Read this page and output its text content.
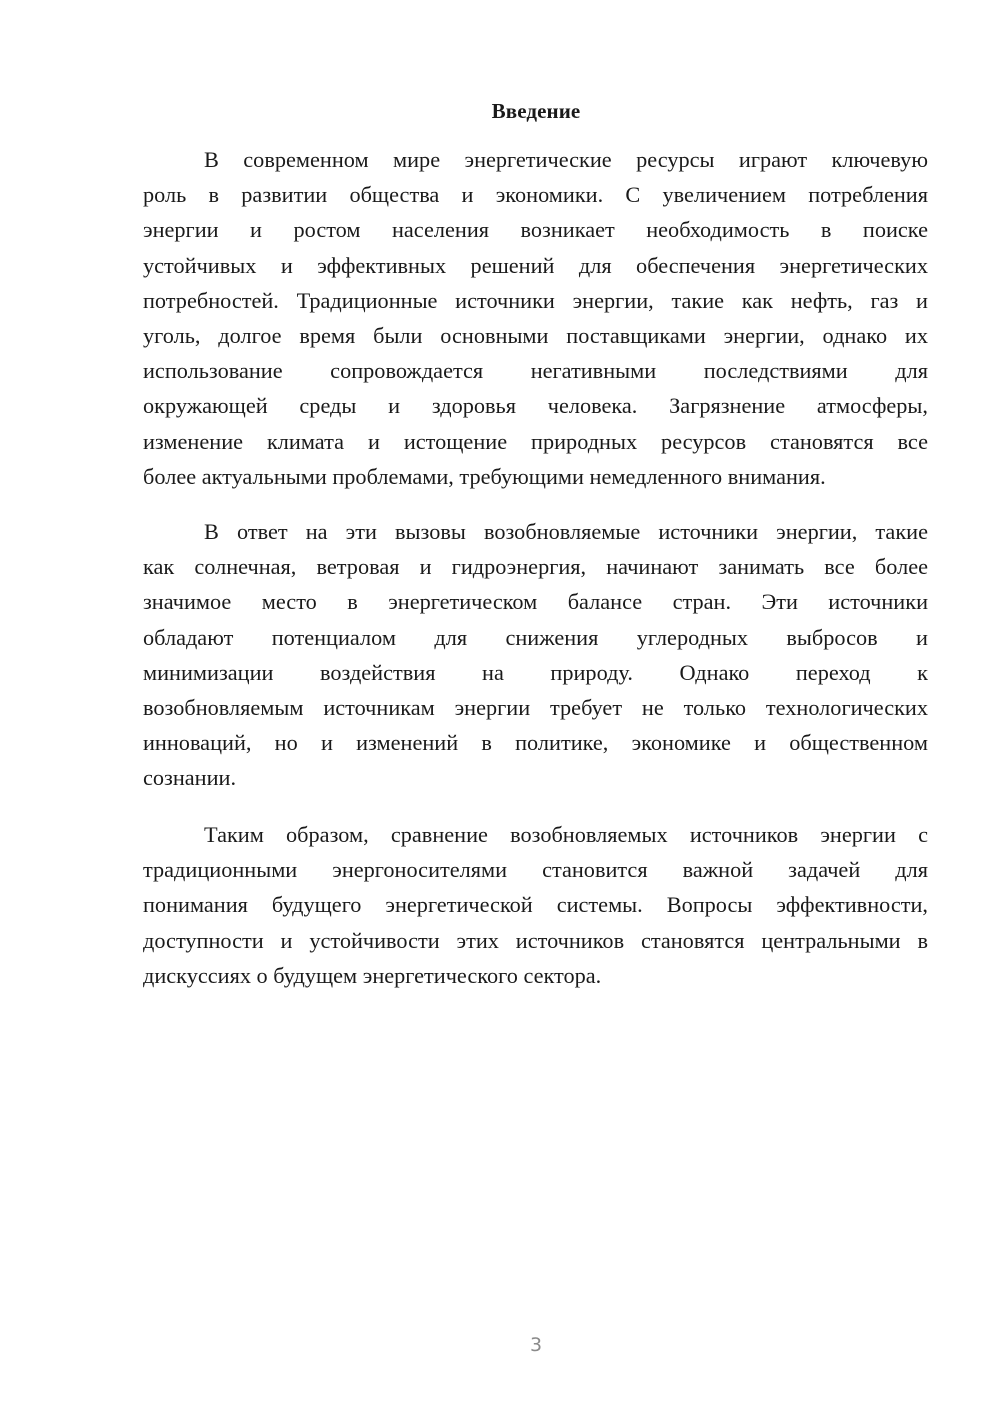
Введение
В современном мире энергетические ресурсы играют ключевую
роль в развитии общества и экономики. С увеличением потребления
энергии и ростом населения возникает необходимость в поиске
устойчивых и эффективных решений для обеспечения энергетических
потребностей. Традиционные источники энергии, такие как нефть, газ и
уголь, долгое время были основными поставщиками энергии, однако их
использование сопровождается негативными последствиями для
окружающей среды и здоровья человека. Загрязнение атмосферы,
изменение климата и истощение природных ресурсов становятся все
более актуальными проблемами, требующими немедленного внимания.
В ответ на эти вызовы возобновляемые источники энергии, такие
как солнечная, ветровая и гидроэнергия, начинают занимать все более
значимое место в энергетическом балансе стран. Эти источники
обладают потенциалом для снижения углеродных выбросов и
минимизации воздействия на природу. Однако переход к
возобновляемым источникам энергии требует не только технологических
инноваций, но и изменений в политике, экономике и общественном
сознании.
Таким образом, сравнение возобновляемых источников энергии с
традиционными энергоносителями становится важной задачей для
понимания будущего энергетической системы. Вопросы эффективности,
доступности и устойчивости этих источников становятся центральными в
дискуссиях о будущем энергетического сектора.
3
